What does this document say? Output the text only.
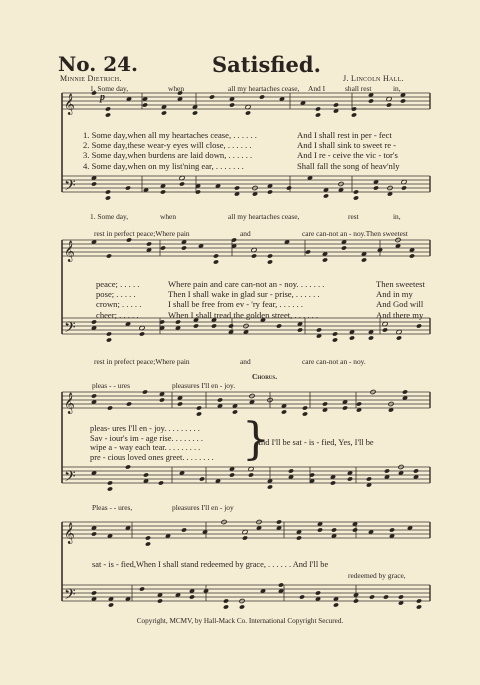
No. 24.	Satisfied.
Minnie Dietrich.	J. Lincoln Hall.
𝄞
𝄢
𝄞
𝄢
𝄞
𝄢
𝄞
𝄢
1. Some day,	when	all my heartaches cease, And I	shall rest	in,
p
1. Some day,when all my heartaches cease, . . . . . .
2. Some day,these wear-y eyes will close, . . . . . .
3. Some day,when burdens are laid down, . . . . . .
4. Some day,when on my list'ning ear, . . . . . . .
And I shall rest in per - fect
And I shall sink to sweet re -
And I re - ceive the vic - tor's
Shall fall the song of heav'nly
1. Some day,	when	all my heartaches cease,	rest	in,
rest in perfect peace;Where pain	and	care can-not an - noy.Then sweetest
peace; . . . . .
pose; . . . . .
crown; . . . . .
cheer; . . . . .
Where pain and care can-not an - noy. . . . . . .
Then I shall wake in glad sur - prise, . . . . . .
I shall be free from ev - 'ry fear, . . . . . .
When I shall tread the golden street, . . . . . .
Then sweetest
And in my
And God will
And there my
rest in prefect peace;Where pain	and	care can-not an - noy.
Chorus.
pleas - - ures	pleasures I'll en - joy.
pleas- ures I'll en - joy. . . . . . . . .
Sav - iour's im - age rise. . . . . . . .
wipe a - way each tear. . . . . . . . .
pre - cious loved ones greet. . . . . . . . }
And I'll be sat - is - fied, Yes, I'll be
Pleas - - ures,	pleasures I'll en - joy
sat - is - fied,When I shall stand redeemed by grace, . . . . . . And I'll be
redeemed by grace,
Copyright, MCMV, by Hall-Mack Co. International Copyright Secured.
